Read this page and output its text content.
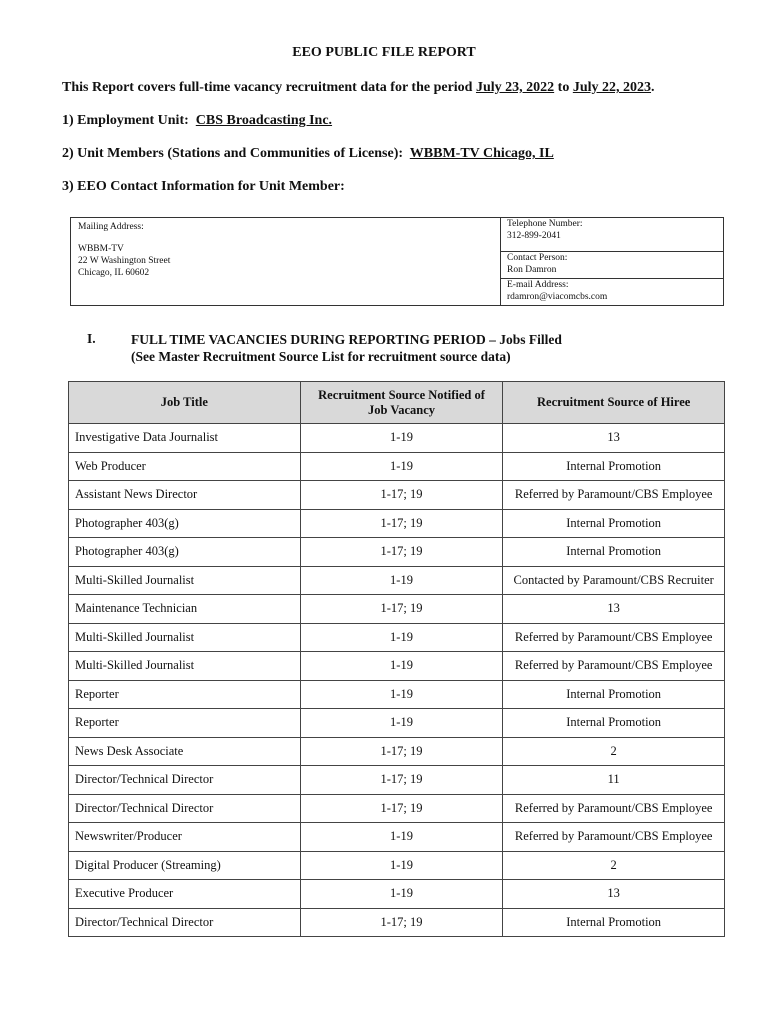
EEO PUBLIC FILE REPORT
This Report covers full-time vacancy recruitment data for the period July 23, 2022 to July 22, 2023.
1) Employment Unit: CBS Broadcasting Inc.
2) Unit Members (Stations and Communities of License): WBBM-TV Chicago, IL
3) EEO Contact Information for Unit Member:
Mailing Address:
WBBM-TV
22 W Washington Street
Chicago, IL 60602
Telephone Number:
312-899-2041
Contact Person:
Ron Damron
E-mail Address:
rdamron@viacomcbs.com
I.	FULL TIME VACANCIES DURING REPORTING PERIOD – Jobs Filled
(See Master Recruitment Source List for recruitment source data)
Job Title	Recruitment Source Notified of Job Vacancy	Recruitment Source of Hiree
Investigative Data Journalist	1-19	13
Web Producer	1-19	Internal Promotion
Assistant News Director	1-17; 19	Referred by Paramount/CBS Employee
Photographer 403(g)	1-17; 19	Internal Promotion
Photographer 403(g)	1-17; 19	Internal Promotion
Multi-Skilled Journalist	1-19	Contacted by Paramount/CBS Recruiter
Maintenance Technician	1-17; 19	13
Multi-Skilled Journalist	1-19	Referred by Paramount/CBS Employee
Multi-Skilled Journalist	1-19	Referred by Paramount/CBS Employee
Reporter	1-19	Internal Promotion
Reporter	1-19	Internal Promotion
News Desk Associate	1-17; 19	2
Director/Technical Director	1-17; 19	11
Director/Technical Director	1-17; 19	Referred by Paramount/CBS Employee
Newswriter/Producer	1-19	Referred by Paramount/CBS Employee
Digital Producer (Streaming)	1-19	2
Executive Producer	1-19	13
Director/Technical Director	1-17; 19	Internal Promotion
